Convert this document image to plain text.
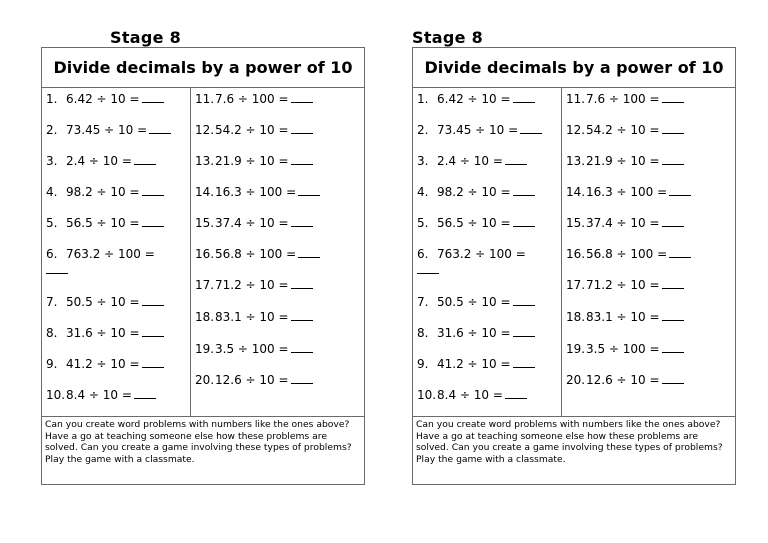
Stage 8
Divide decimals by a power of 10
1. 6.42 ÷ 10 =
2. 73.45 ÷ 10 =
3. 2.4 ÷ 10 =
4. 98.2 ÷ 10 =
5. 56.5 ÷ 10 =
6. 763.2 ÷ 100 =

7. 50.5 ÷ 10 =
8. 31.6 ÷ 10 =
9. 41.2 ÷ 10 =
10.8.4 ÷ 10 =
11.7.6 ÷ 100 =
12.54.2 ÷ 10 =
13.21.9 ÷ 10 =
14.16.3 ÷ 100 =
15.37.4 ÷ 10 =
16.56.8 ÷ 100 =
17.71.2 ÷ 10 =
18.83.1 ÷ 10 =
19.3.5 ÷ 100 =
20.12.6 ÷ 10 =
Can you create word problems with numbers like the ones above? Have a go at teaching someone else how these problems are solved. Can you create a game involving these types of problems? Play the game with a classmate.
Stage 8
Divide decimals by a power of 10
1. 6.42 ÷ 10 =
2. 73.45 ÷ 10 =
3. 2.4 ÷ 10 =
4. 98.2 ÷ 10 =
5. 56.5 ÷ 10 =
6. 763.2 ÷ 100 =

7. 50.5 ÷ 10 =
8. 31.6 ÷ 10 =
9. 41.2 ÷ 10 =
10.8.4 ÷ 10 =
11.7.6 ÷ 100 =
12.54.2 ÷ 10 =
13.21.9 ÷ 10 =
14.16.3 ÷ 100 =
15.37.4 ÷ 10 =
16.56.8 ÷ 100 =
17.71.2 ÷ 10 =
18.83.1 ÷ 10 =
19.3.5 ÷ 100 =
20.12.6 ÷ 10 =
Can you create word problems with numbers like the ones above? Have a go at teaching someone else how these problems are solved. Can you create a game involving these types of problems? Play the game with a classmate.
